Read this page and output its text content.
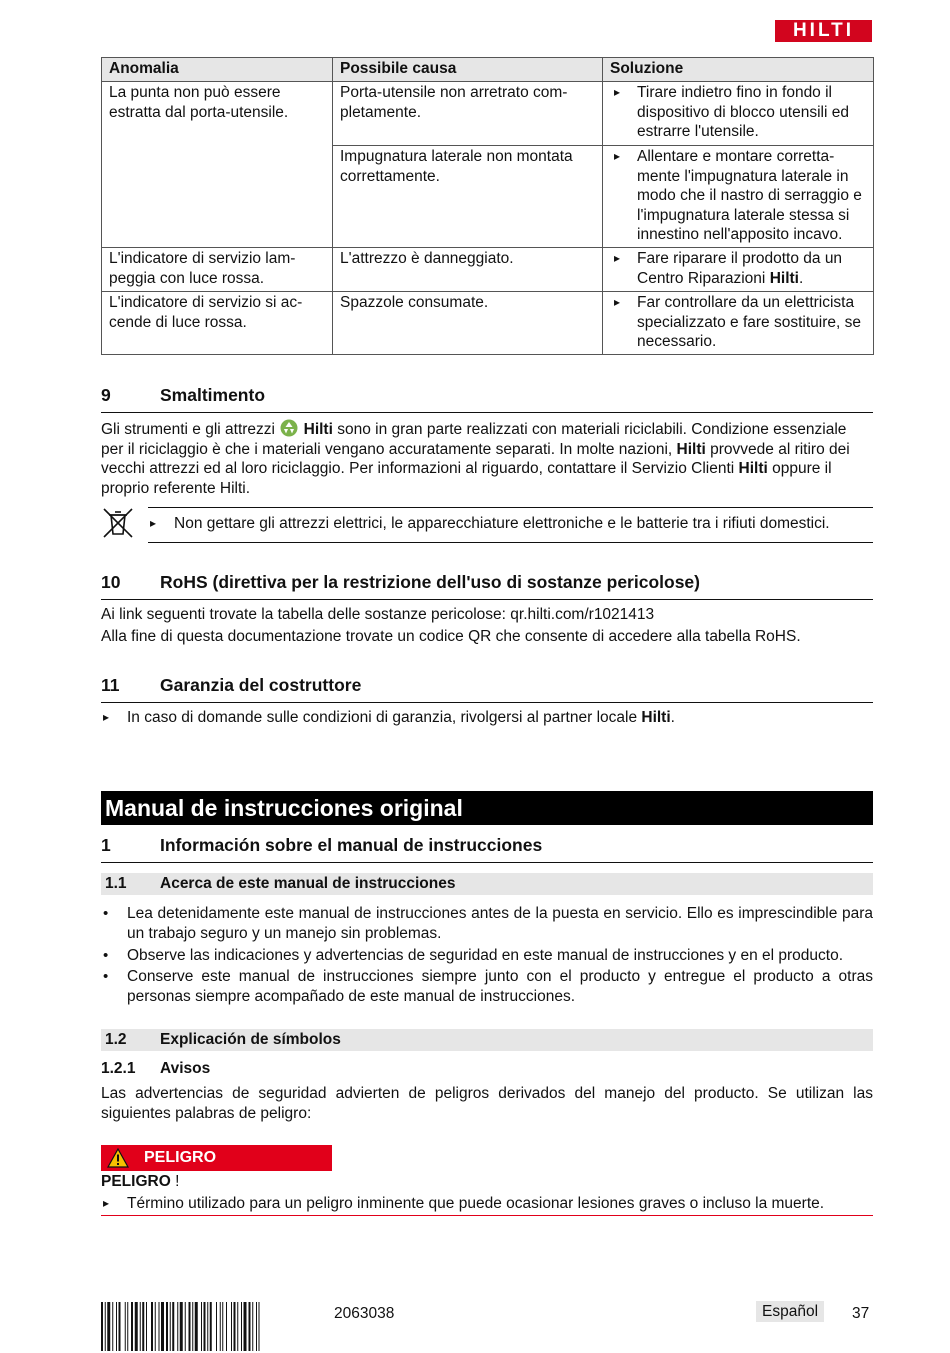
HILTI
Anomalia	Possibile causa	Soluzione
La punta non può essere estratta dal porta-utensile.	Porta-utensile non arretrato com-pletamente.	▸ Tirare indietro fino in fondo il dispositivo di blocco utensili ed estrarre l'utensile.

	Impugnatura laterale non montata correttamente.	▸ Allentare e montare corretta-mente l'impugnatura laterale in modo che il nastro di serraggio e l'impugnatura laterale stessa si innestino nell'apposito incavo.

L'indicatore di servizio lam-peggia con luce rossa.	L'attrezzo è danneggiato.	▸ Fare riparare il prodotto da un Centro Riparazioni Hilti.

L'indicatore di servizio si ac-cende di luce rossa.	Spazzole consumate.	▸ Far controllare da un elettricista specializzato e fare sostituire, se necessario.
9	Smaltimento
Gli strumenti e gli attrezzi Hilti sono in gran parte realizzati con materiali riciclabili. Condizione essenziale per il riciclaggio è che i materiali vengano accuratamente separati. In molte nazioni, Hilti provvede al ritiro dei vecchi attrezzi ed al loro riciclaggio. Per informazioni al riguardo, contattare il Servizio Clienti Hilti oppure il proprio referente Hilti.
▸ Non gettare gli attrezzi elettrici, le apparecchiature elettroniche e le batterie tra i rifiuti domestici.
10 RoHS (direttiva per la restrizione dell'uso di sostanze pericolose)
Ai link seguenti trovate la tabella delle sostanze pericolose: qr.hilti.com/r1021413
Alla fine di questa documentazione trovate un codice QR che consente di accedere alla tabella RoHS.
11 Garanzia del costruttore
▸ In caso di domande sulle condizioni di garanzia, rivolgersi al partner locale Hilti.
Manual de instrucciones original
1	Información sobre el manual de instrucciones
1.1 Acerca de este manual de instrucciones
• Lea detenidamente este manual de instrucciones antes de la puesta en servicio. Ello es imprescindible para un trabajo seguro y un manejo sin problemas.
• Observe las indicaciones y advertencias de seguridad en este manual de instrucciones y en el producto.
• Conserve este manual de instrucciones siempre junto con el producto y entregue el producto a otras personas siempre acompañado de este manual de instrucciones.
1.2 Explicación de símbolos
1.2.1 Avisos
Las advertencias de seguridad advierten de peligros derivados del manejo del producto. Se utilizan las siguientes palabras de peligro:
PELIGRO
PELIGRO !
▸ Término utilizado para un peligro inminente que puede ocasionar lesiones graves o incluso la muerte.
2063038	Español	37
